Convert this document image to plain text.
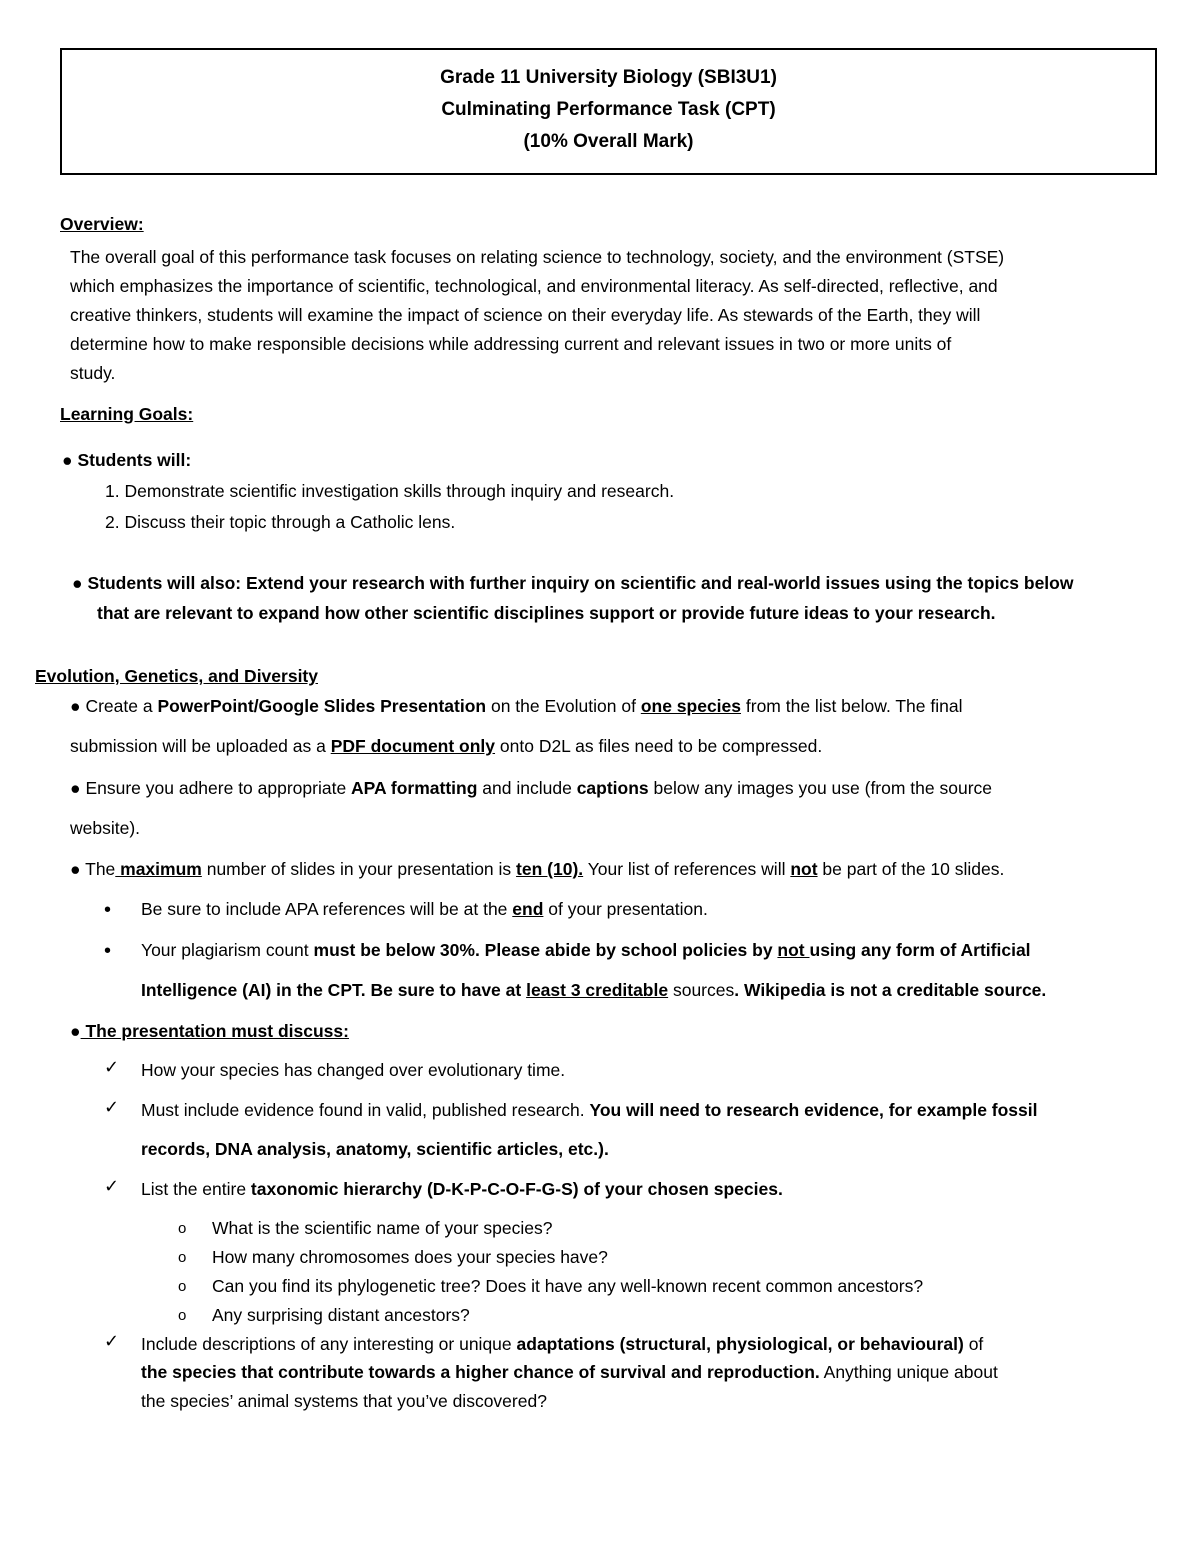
Grade 11 University Biology (SBI3U1)
Culminating Performance Task (CPT)
(10% Overall Mark)
Overview:
The overall goal of this performance task focuses on relating science to technology, society, and the environment (STSE)
which emphasizes the importance of scientific, technological, and environmental literacy. As self-directed, reflective, and
creative thinkers, students will examine the impact of science on their everyday life. As stewards of the Earth, they will
determine how to make responsible decisions while addressing current and relevant issues in two or more units of
study.
Learning Goals:
● Students will:
1. Demonstrate scientific investigation skills through inquiry and research.
2. Discuss their topic through a Catholic lens.
● Students will also: Extend your research with further inquiry on scientific and real-world issues using the topics below
that are relevant to expand how other scientific disciplines support or provide future ideas to your research.
Evolution, Genetics, and Diversity
● Create a PowerPoint/Google Slides Presentation on the Evolution of one species from the list below. The final
submission will be uploaded as a PDF document only onto D2L as files need to be compressed.
● Ensure you adhere to appropriate APA formatting and include captions below any images you use (from the source
website).
● The maximum number of slides in your presentation is ten (10). Your list of references will not be part of the 10 slides.
• Be sure to include APA references will be at the end of your presentation.
• Your plagiarism count must be below 30%. Please abide by school policies by not using any form of Artificial
Intelligence (AI) in the CPT. Be sure to have at least 3 creditable sources. Wikipedia is not a creditable source.
● The presentation must discuss:
✓ How your species has changed over evolutionary time.
✓ Must include evidence found in valid, published research. You will need to research evidence, for example fossil
records, DNA analysis, anatomy, scientific articles, etc.).
✓ List the entire taxonomic hierarchy (D-K-P-C-O-F-G-S) of your chosen species.
o What is the scientific name of your species?
o How many chromosomes does your species have?
o Can you find its phylogenetic tree? Does it have any well-known recent common ancestors?
o Any surprising distant ancestors?
✓ Include descriptions of any interesting or unique adaptations (structural, physiological, or behavioural) of
the species that contribute towards a higher chance of survival and reproduction. Anything unique about
the species’ animal systems that you’ve discovered?
